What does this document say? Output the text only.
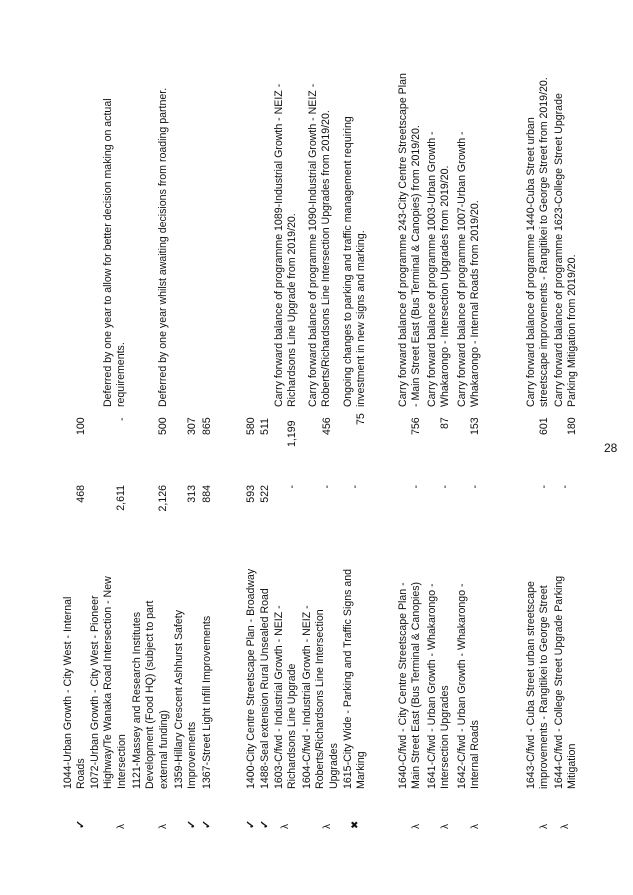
✓
1044-Urban Growth - City West - Internal Roads
468
100
λ
1072-Urban Growth - City West - Pioneer Highway/Te Wanaka Road Intersection - New Intersection
2,611
-
Deferred by one year to allow for better decision making on actual requirements.
λ
1121-Massey and Research Institutes Development (Food HQ) (subject to part external funding)
2,126
500
Deferred by one year whilst awaiting decisions from roading partner.
✓
1359-Hillary Crescent Ashhurst Safety Improvements
313
307
✓
1367-Street Light Infill Improvements
884
865
✓
1400-City Centre Streetscape Plan - Broadway
593
580
✓
1488-Seal extension Rural Unsealed Road
522
511
λ
1603-C/fwd - Industrial Growth - NEIZ - Richardsons Line Upgrade
-
1,199
Carry forward balance of programme 1089-Industrial Growth - NEIZ - Richardsons Line Upgrade from 2019/20.
λ
1604-C/fwd - Industrial Growth - NEIZ - Roberts/Richardsons Line Intersection Upgrades
-
456
Carry forward balance of programme 1090-Industrial Growth - NEIZ - Roberts/Richardsons Line Intersection Upgrades from 2019/20.
✖
1615-City Wide - Parking and Traffic Signs and Marking
-
75
Ongoing changes to parking and traffic management requiring investment in new signs and marking.
λ
1640-C/fwd - City Centre Streetscape Plan - Main Street East (Bus Terminal & Canopies)
-
756
Carry forward balance of programme 243-City Centre Streetscape Plan - Main Street East (Bus Terminal & Canopies) from 2019/20.
λ
1641-C/fwd - Urban Growth - Whakarongo - Intersection Upgrades
-
87
Carry forward balance of programme 1003-Urban Growth - Whakarongo - Intersection Upgrades from 2019/20.
λ
1642-C/fwd - Urban Growth - Whakarongo - Internal Roads
-
153
Carry forward balance of programme 1007-Urban Growth - Whakarongo - Internal Roads from 2019/20.
λ
1643-C/fwd - Cuba Street urban streetscape improvements - Rangitikei to George Street
-
601
Carry forward balance of programme 1440-Cuba Street urban streetscape improvements - Rangitikei to George Street from 2019/20.
λ
1644-C/fwd - College Street Upgrade Parking Mitigation
-
180
Carry forward balance of programme 1623-College Street Upgrade Parking Mitigation from 2019/20.
28
